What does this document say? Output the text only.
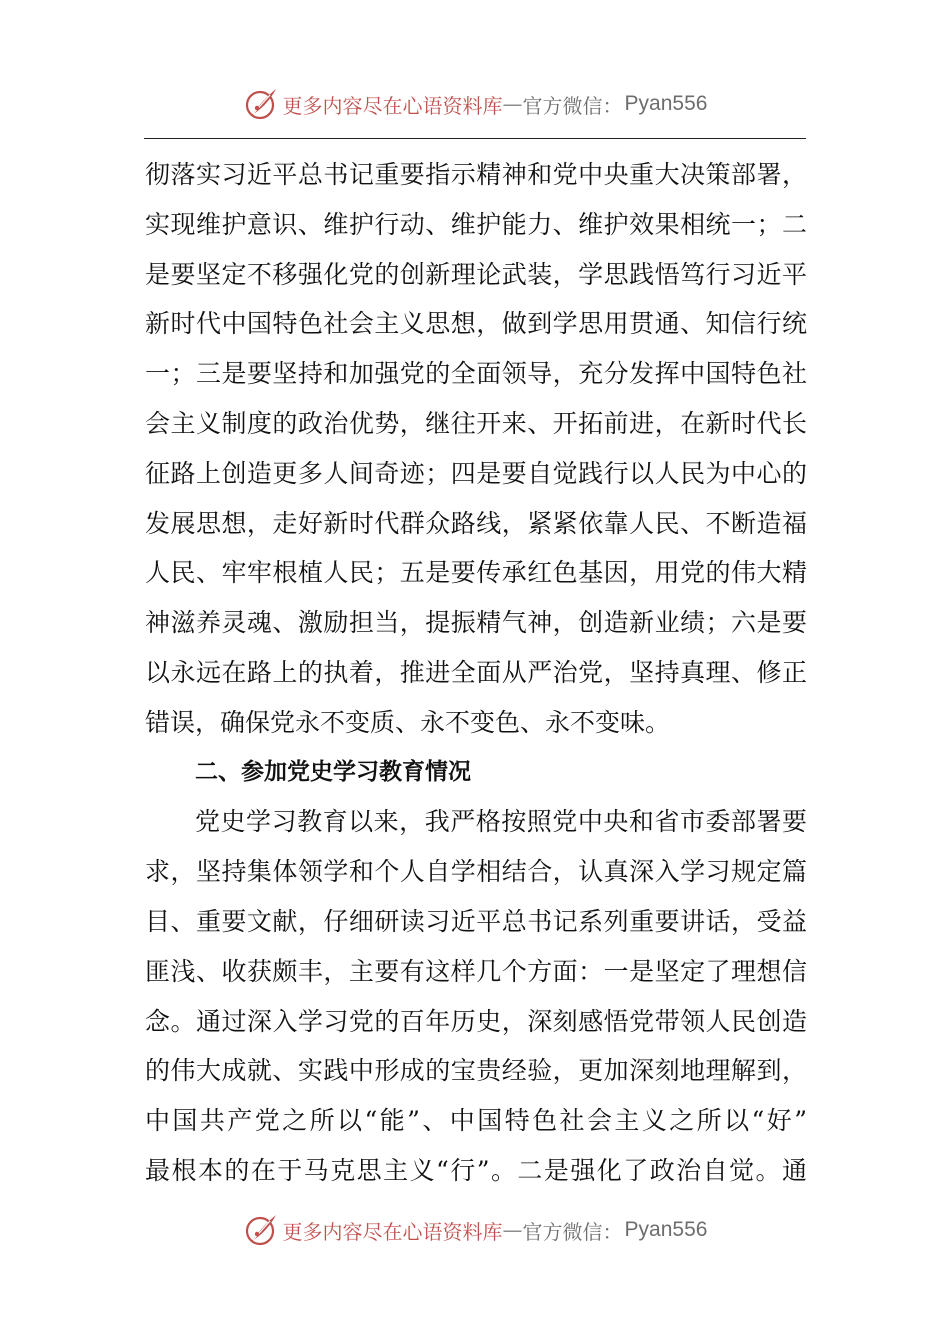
更多内容尽在心语资料库 — 官方微信： Pyan556
彻落实习近平总书记重要指示精神和党中央重大决策部署，
实现维护意识、维护行动、维护能力、维护效果相统一；二
是要坚定不移强化党的创新理论武装，学思践悟笃行习近平
新时代中国特色社会主义思想，做到学思用贯通、知信行统
一；三是要坚持和加强党的全面领导，充分发挥中国特色社
会主义制度的政治优势，继往开来、开拓前进，在新时代长
征路上创造更多人间奇迹；四是要自觉践行以人民为中心的
发展思想，走好新时代群众路线，紧紧依靠人民、不断造福
人民、牢牢根植人民；五是要传承红色基因，用党的伟大精
神滋养灵魂、激励担当，提振精气神，创造新业绩；六是要
以永远在路上的执着，推进全面从严治党，坚持真理、修正
错误，确保党永不变质、永不变色、永不变味。
二、参加党史学习教育情况
党史学习教育以来，我严格按照党中央和省市委部署要
求，坚持集体领学和个人自学相结合，认真深入学习规定篇
目、重要文献，仔细研读习近平总书记系列重要讲话，受益
匪浅、收获颇丰，主要有这样几个方面：一是坚定了理想信
念。通过深入学习党的百年历史，深刻感悟党带领人民创造
的伟大成就、实践中形成的宝贵经验，更加深刻地理解到，
中国共产党之所以“能”、中国特色社会主义之所以“好”
最根本的在于马克思主义“行”。二是强化了政治自觉。通
更多内容尽在心语资料库 — 官方微信： Pyan556
